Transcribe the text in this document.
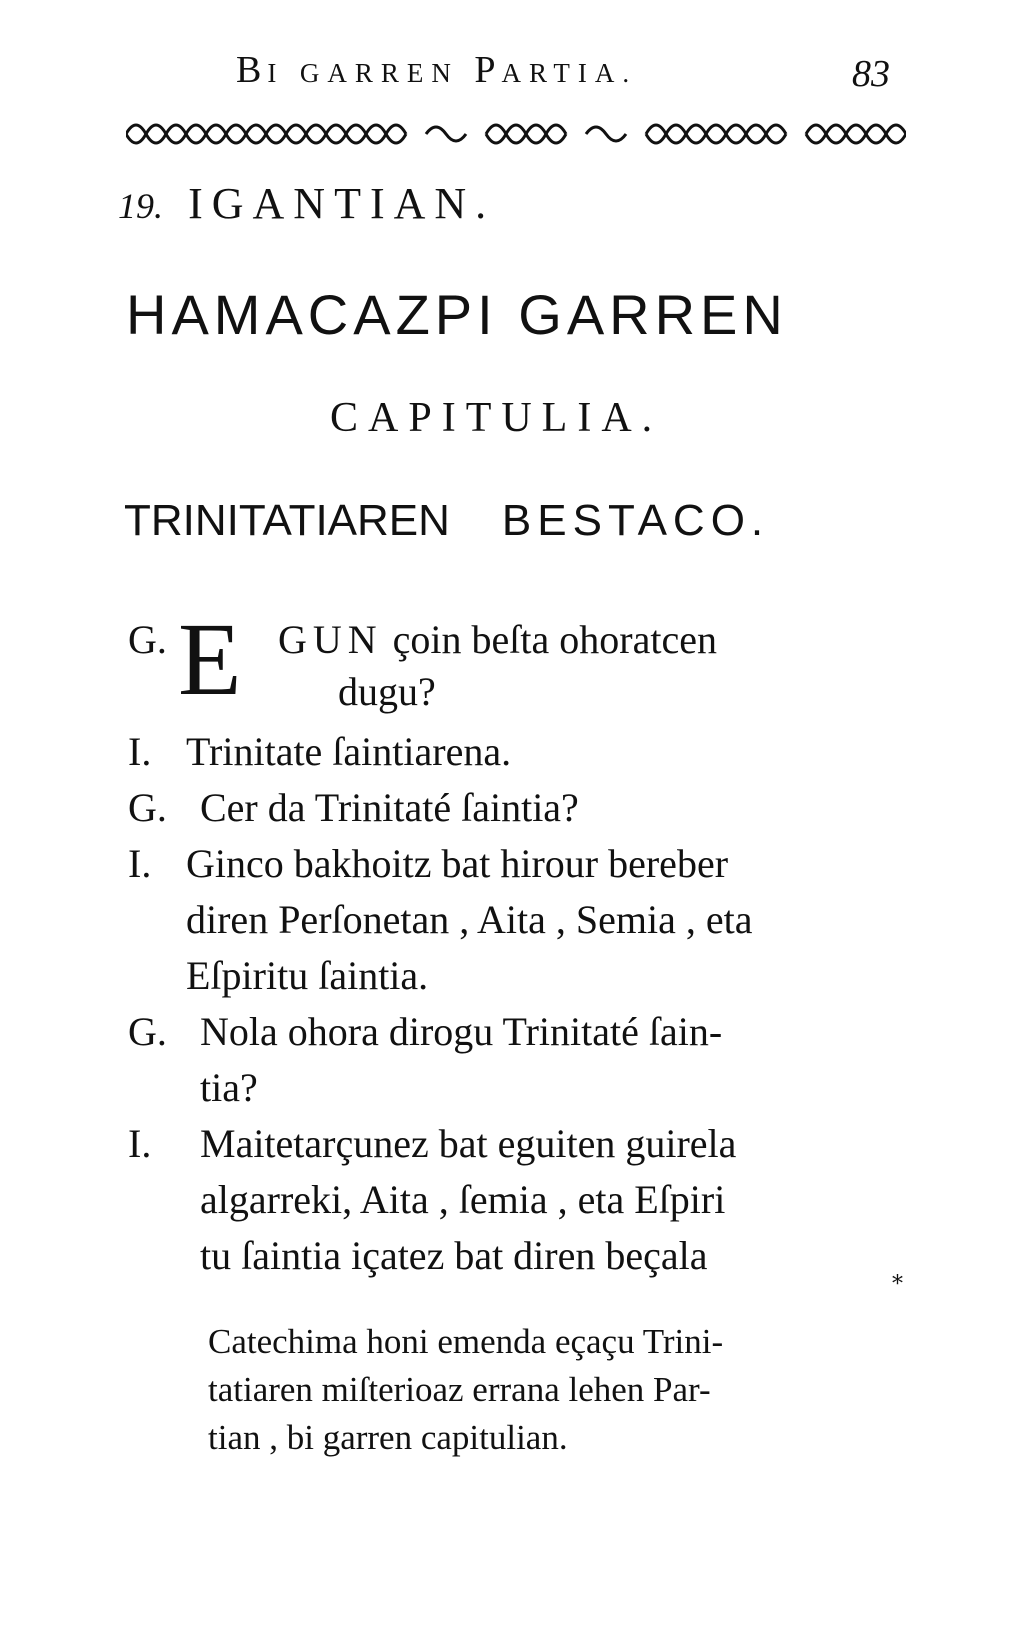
BI GARREN PARTIA.	83
19. IGANTIAN.
HAMACAZPI GARREN
CAPITULIA.
TRINITATIAREN BESTACO.
G. E GUN çoin beſta ohoratcen
dugu?
I. Trinitate ſaintiarena.
G. Cer da Trinitaté ſaintia?
I. Ginco bakhoitz bat hirour bereber
diren Perſonetan , Aita , Semia , eta
Eſpiritu ſaintia.
G. Nola ohora dirogu Trinitaté ſain-
tia?
I. Maitetarçunez bat eguiten guirela
algarreki, Aita , ſemia , eta Eſpiri
tu ſaintia içatez bat diren beçala
*
Catechima honi emenda eçaçu Trini-
tatiaren miſterioaz errana lehen Par-
tian , bi garren capitulian.
